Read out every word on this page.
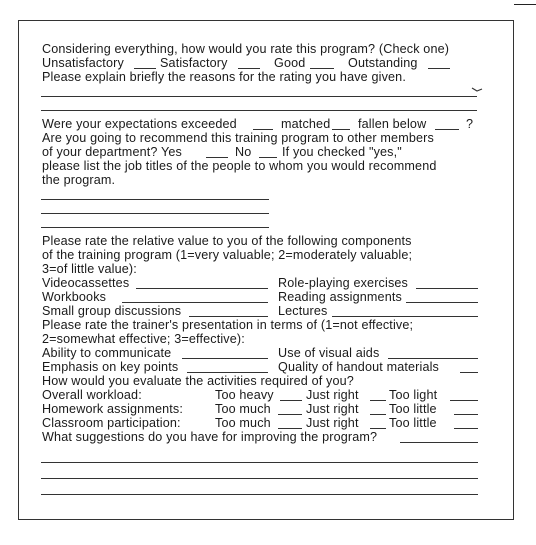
Considering everything, how would you rate this program? (Check one)
Unsatisfactory	Satisfactory	Good	Outstanding
Please explain briefly the reasons for the rating you have given.
Were your expectations exceeded	matched fallen below	?
Are you going to recommend this training program to other members
of your department? Yes	No If you checked "yes,"
please list the job titles of the people to whom you would recommend
the program.
Please rate the relative value to you of the following components
of the training program (1=very valuable; 2=moderately valuable;
3=of little value):
Videocassettes	Role-playing exercises
Workbooks	Reading assignments
Small group discussions	Lectures
Please rate the trainer's presentation in terms of (1=not effective;
2=somewhat effective; 3=effective):
Ability to communicate	Use of visual aids
Emphasis on key points	Quality of handout materials
How would you evaluate the activities required of you?
Overall workload:	Too heavy	Just right Too light
Homework assignments:	Too much	Just right Too little
Classroom participation:	Too much	Just right Too little
What suggestions do you have for improving the program?
